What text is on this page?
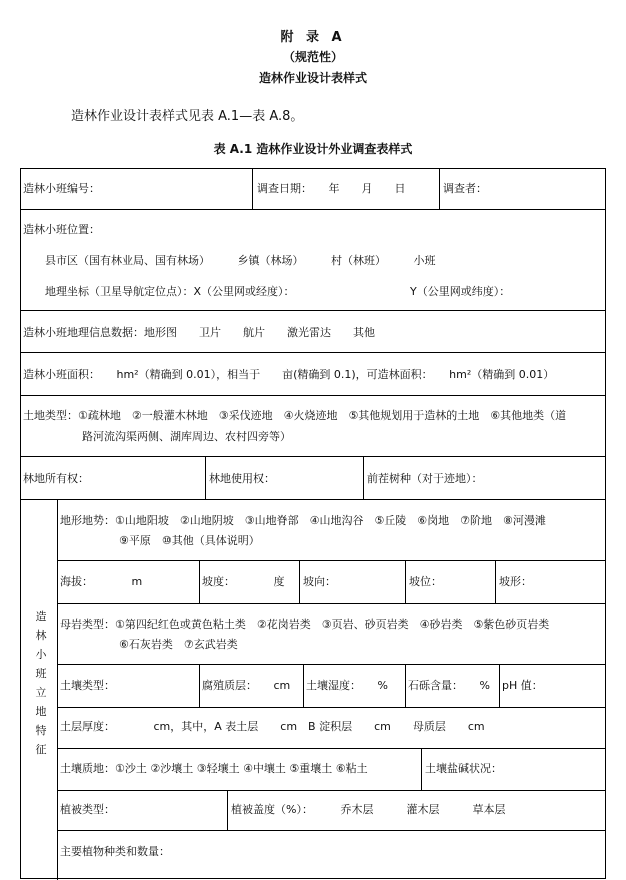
附 录 A
（规范性）
造林作业设计表样式
造林作业设计表样式见表 A.1—表 A.8。
表 A.1 造林作业设计外业调查表样式
造林小班编号：	调查日期：　　年　　月　　日	调查者：
造林小班位置：
县市区（国有林业局、国有林场）　　　乡镇（林场）　　　村（林班）　　　小班
地理坐标（卫星导航定位点）：X（公里网或经度）：　　　　　　　　　　　Y（公里网或纬度）：
造林小班地理信息数据：地形图　　卫片　　航片　　激光雷达　　其他
造林小班面积：　　hm²（精确到 0.01），相当于　　亩(精确到 0.1)，可造林面积：　　hm²（精确到 0.01）
土地类型：①疏林地　②一般灌木林地　③采伐迹地　④火烧迹地　⑤其他规划用于造林的土地　⑥其他地类（道
路河流沟渠两侧、湖库周边、农村四旁等）
林地所有权：	林地使用权：	前茬树种（对于迹地）：
造林小班立地特征
地形地势：①山地阳坡　②山地阴坡　③山地脊部　④山地沟谷　⑤丘陵　⑥岗地　⑦阶地　⑧河漫滩
⑨平原　⑩其他（具体说明）
海拔：　　　　m	坡度：　　　　度 坡向：	坡位：	坡形：
母岩类型：①第四纪红色或黄色粘土类　②花岗岩类　③页岩、砂页岩类　④砂岩类　⑤紫色砂页岩类
⑥石灰岩类　⑦玄武岩类
土壤类型：	腐殖质层：　　cm 土壤湿度：　　% 石砾含量：　　% pH 值：
土层厚度：　　　　cm，其中，A 表土层　　cm　B 淀积层　　cm　　母质层　　cm
土壤质地：①沙土 ②沙壤土 ③轻壤土 ④中壤土 ⑤重壤土 ⑥粘土	土壤盐碱状况：
植被类型：	植被盖度（%）：　　　乔木层　　　灌木层　　　草本层
主要植物种类和数量：
